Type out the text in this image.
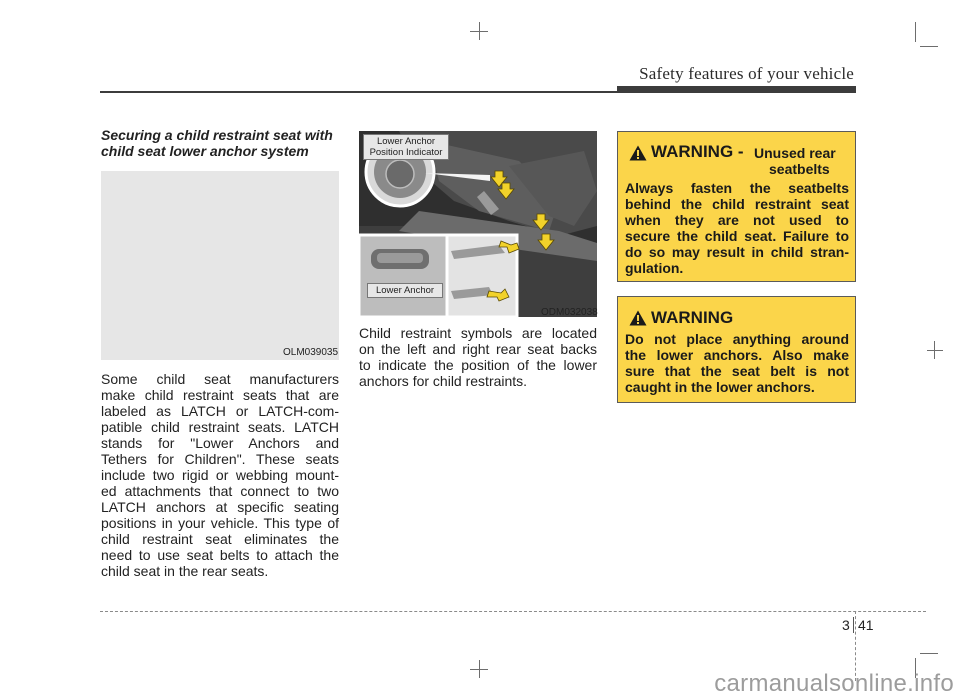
Safety features of your vehicle
Securing a child restraint seat with child seat lower anchor system
OLM039035
Some child seat manufacturers
make child restraint seats that are
labeled as LATCH or LATCH-com-
patible child restraint seats. LATCH
stands for "Lower Anchors and
Tethers for Children". These seats
include two rigid or webbing mount-
ed attachments that connect to two
LATCH anchors at specific seating
positions in your vehicle. This type of
child restraint seat eliminates the
need to use seat belts to attach the
child seat in the rear seats.
Lower Anchor
Position Indicator
Lower Anchor
ODM032038
Child restraint symbols are located
on the left and right rear seat backs
to indicate the position of the lower
anchors for child restraints.
WARNING - Unused rear
seatbelts
Always fasten the seatbelts
behind the child restraint seat
when they are not used to
secure the child seat. Failure to
do so may result in child stran-
gulation.
WARNING
Do not place anything around
the lower anchors. Also make
sure that the seat belt is not
caught in the lower anchors.
3 41
carmanualsonline.info
